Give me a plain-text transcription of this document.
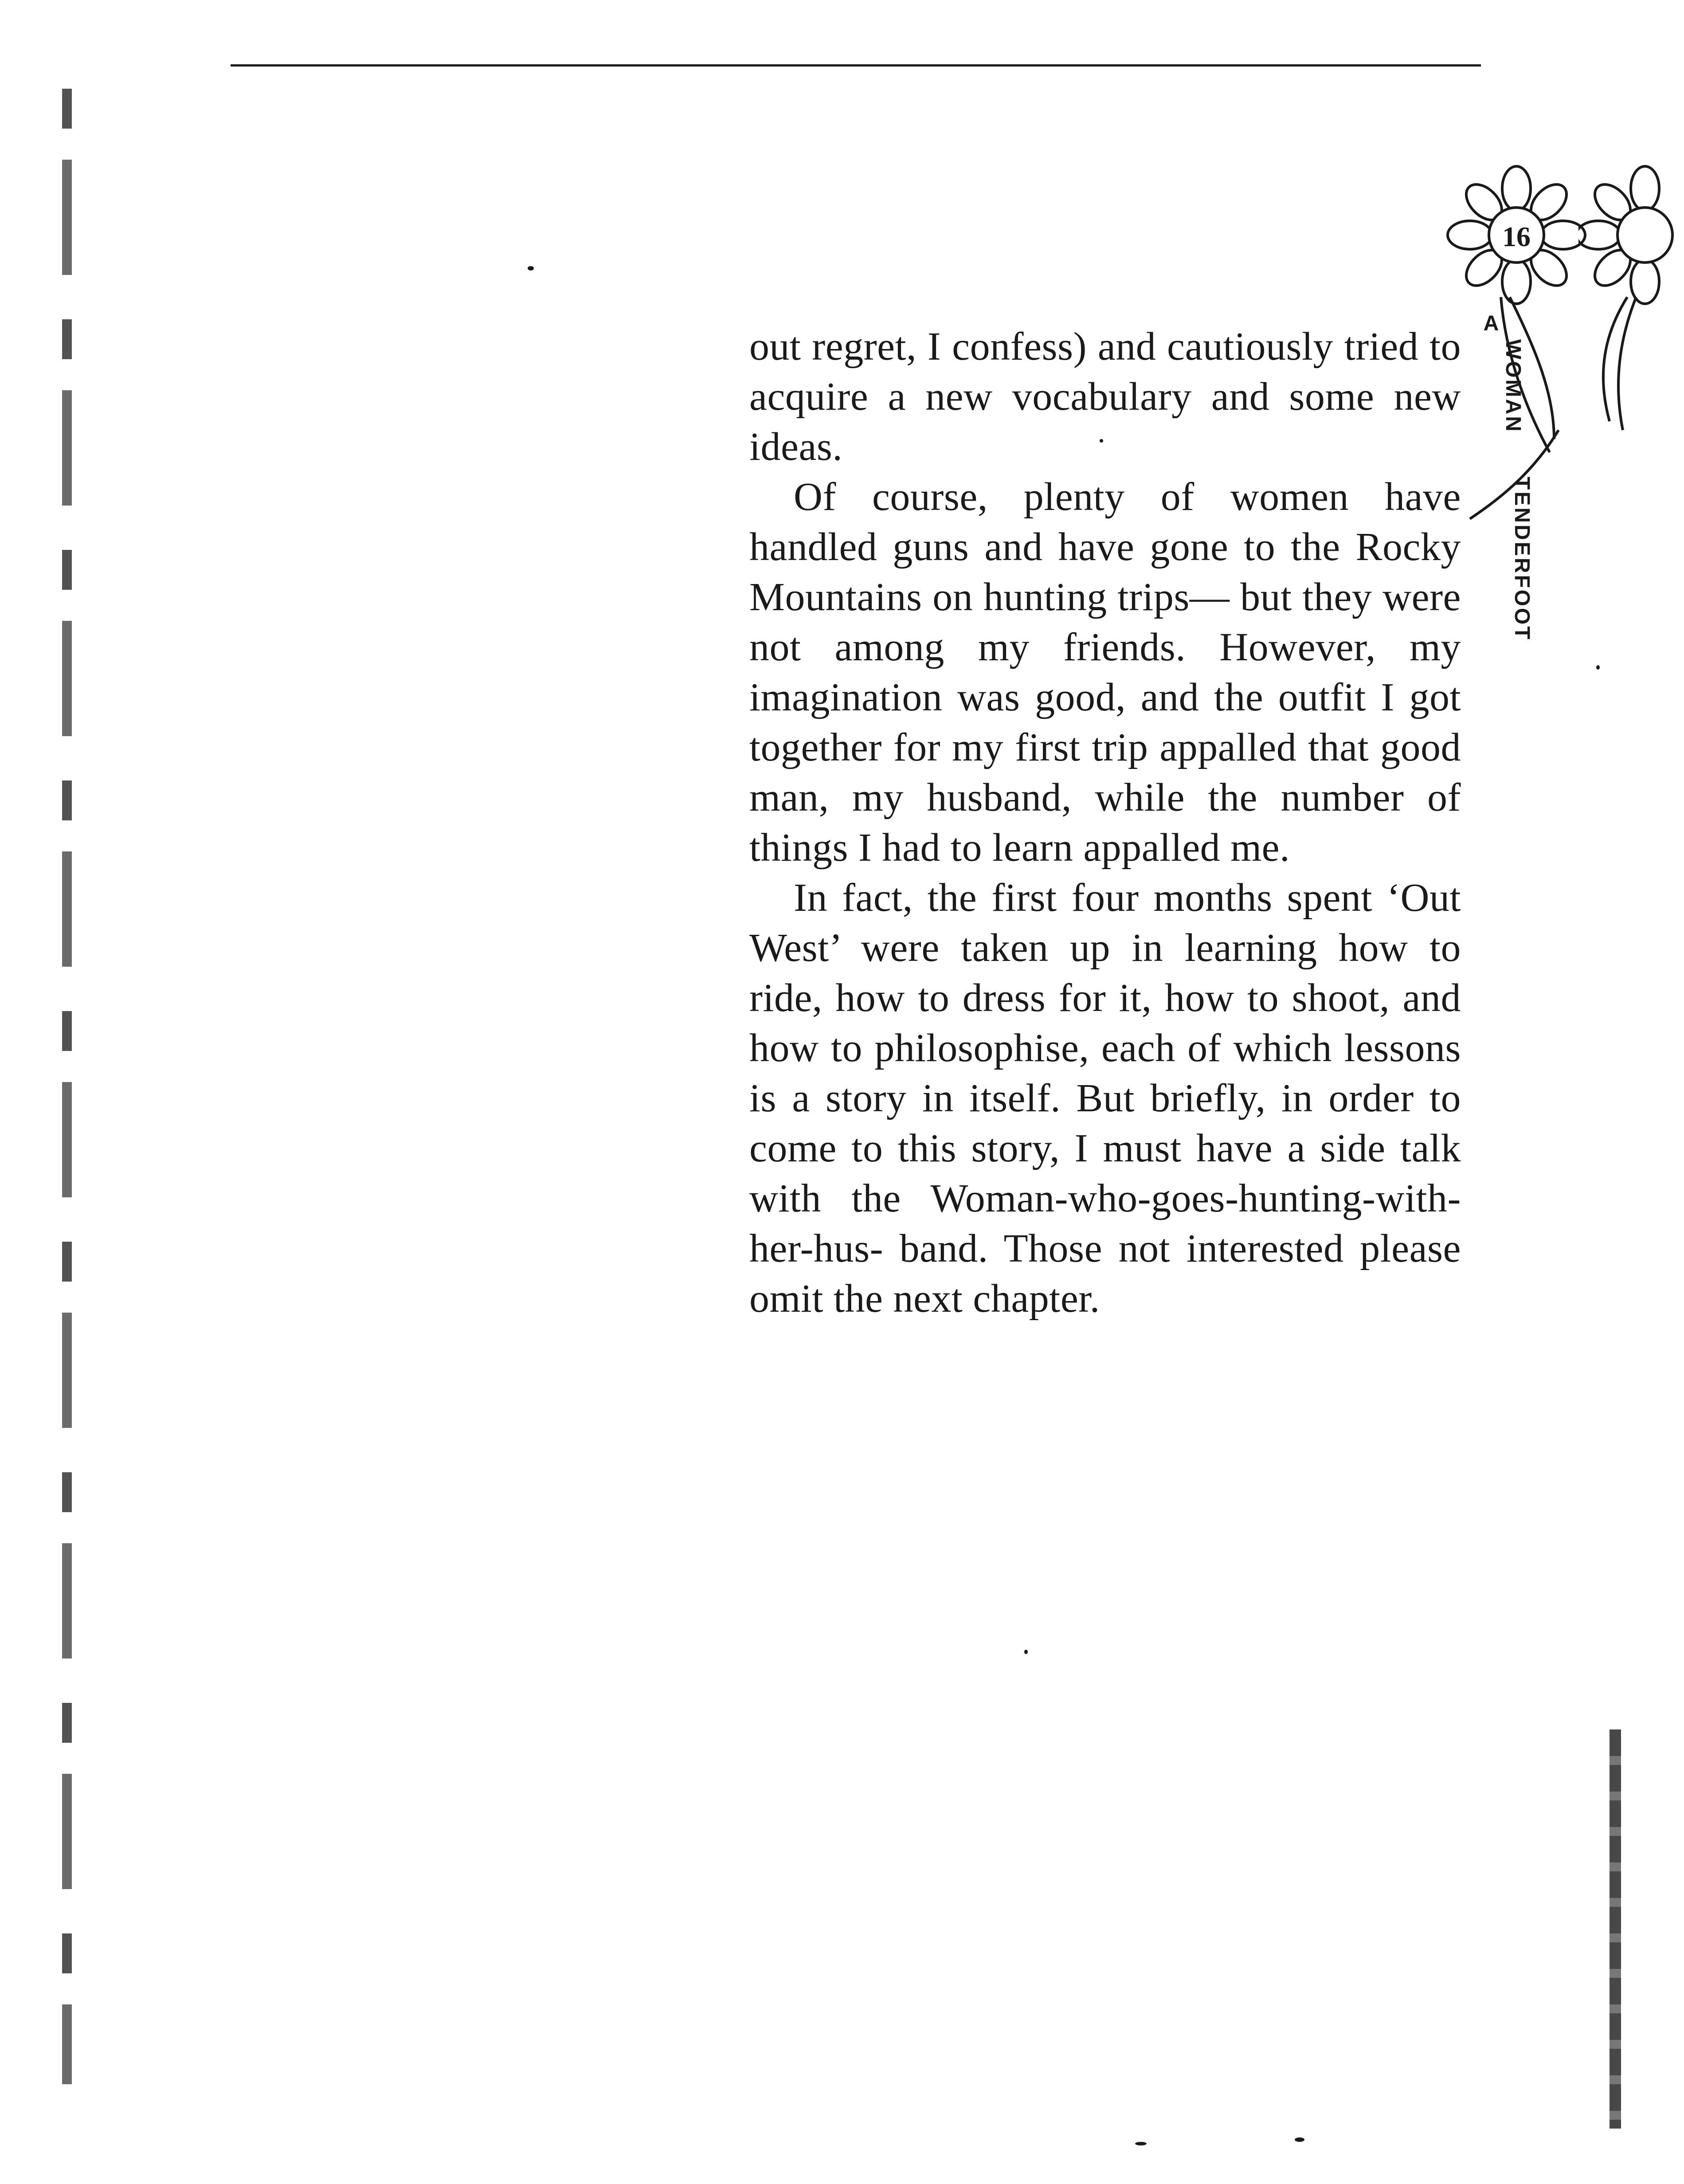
16
A
WOMAN
TENDERFOOT

out regret, I confess) and cautiously tried to acquire a new vocabulary and some new ideas.

Of course, plenty of women have handled guns and have gone to the Rocky Mountains on hunting trips— but they were not among my friends. However, my imagination was good, and the outfit I got together for my first trip appalled that good man, my husband, while the number of things I had to learn appalled me.

In fact, the first four months spent ‘Out West’ were taken up in learning how to ride, how to dress for it, how to shoot, and how to philosophise, each of which lessons is a story in itself. But briefly, in order to come to this story, I must have a side talk with the Woman-who-goes-hunting-with-her-hus- band. Those not interested please omit the next chapter.
